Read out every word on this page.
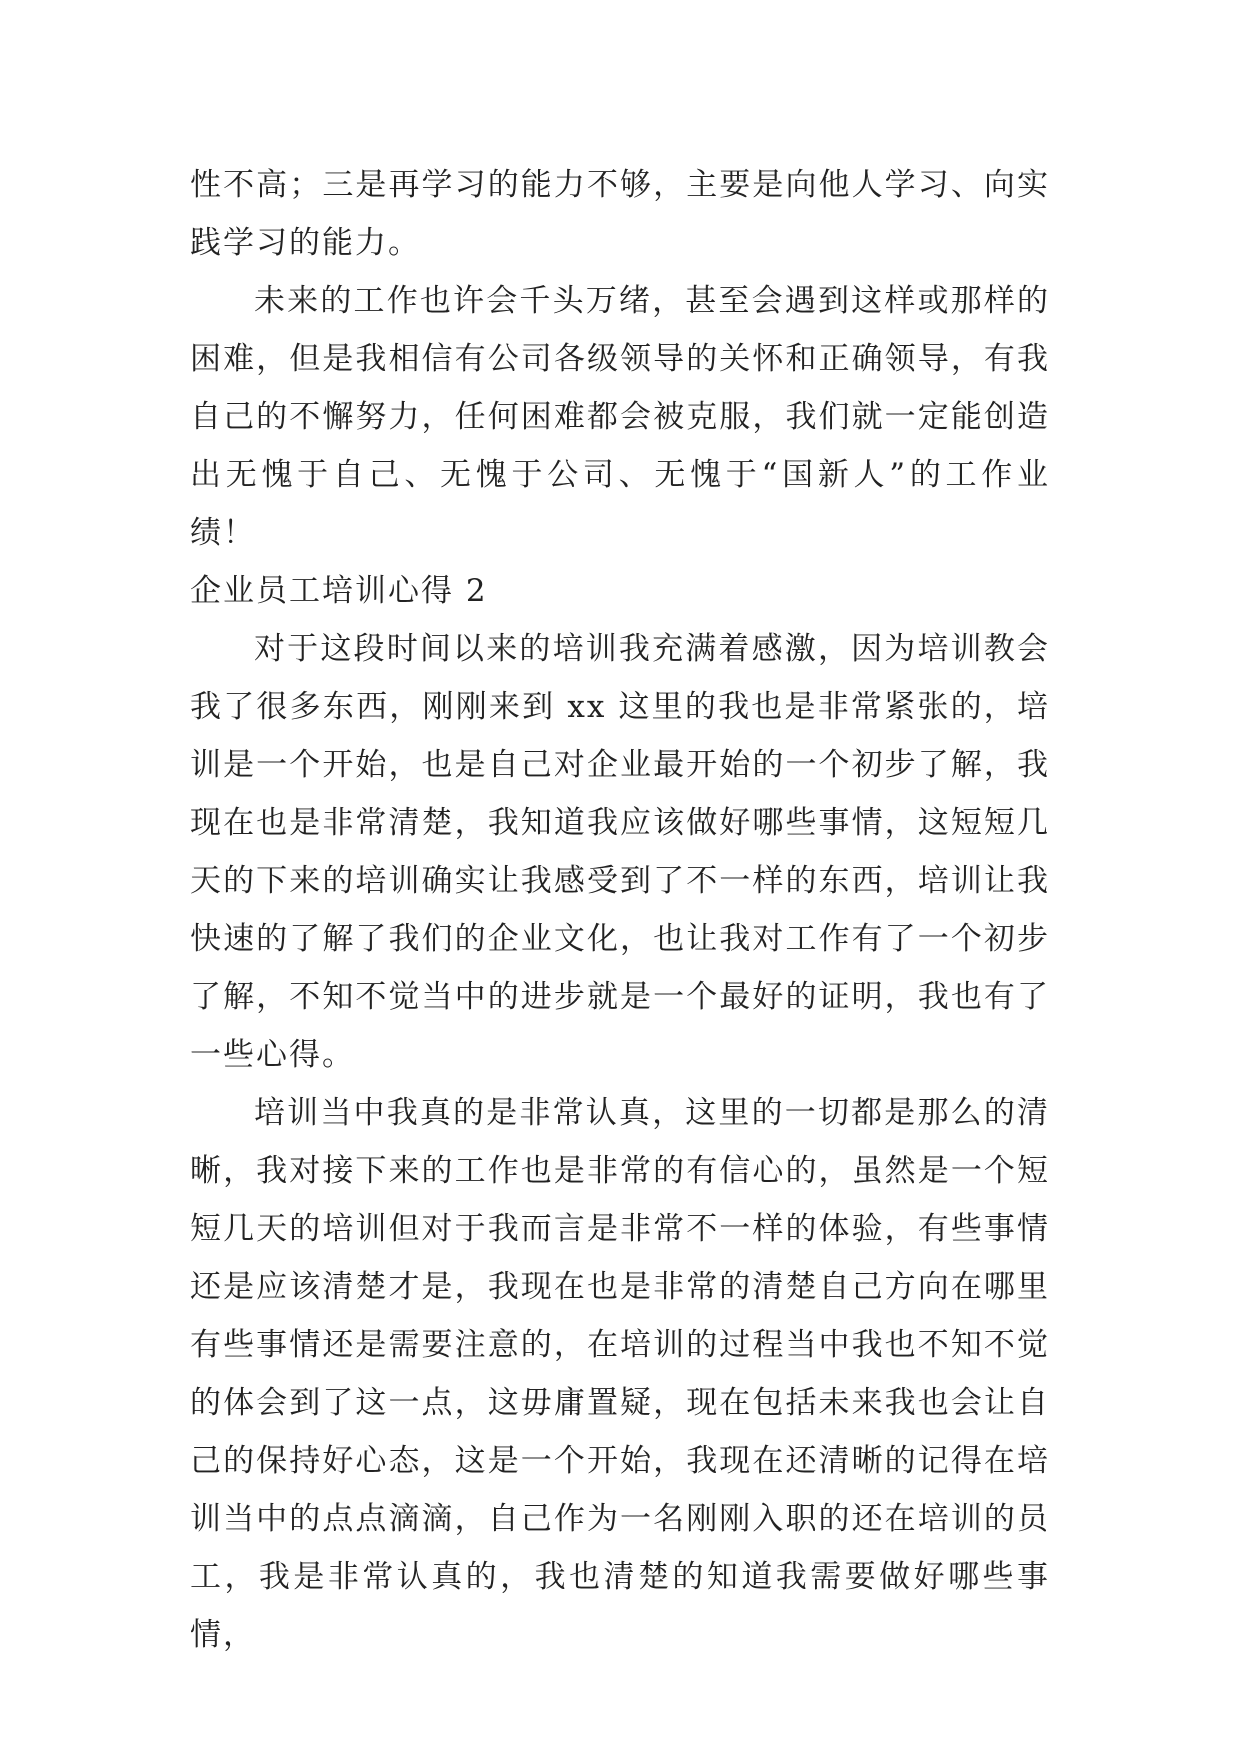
性不高；三是再学习的能力不够，主要是向他人学习、向实践学习的能力。

未来的工作也许会千头万绪，甚至会遇到这样或那样的困难，但是我相信有公司各级领导的关怀和正确领导，有我自己的不懈努力，任何困难都会被克服，我们就一定能创造出无愧于自己、无愧于公司、无愧于“国新人”的工作业绩！

企业员工培训心得 2

对于这段时间以来的培训我充满着感激，因为培训教会我了很多东西，刚刚来到 xx 这里的我也是非常紧张的，培训是一个开始，也是自己对企业最开始的一个初步了解，我现在也是非常清楚，我知道我应该做好哪些事情，这短短几天的下来的培训确实让我感受到了不一样的东西，培训让我快速的了解了我们的企业文化，也让我对工作有了一个初步了解，不知不觉当中的进步就是一个最好的证明，我也有了一些心得。

培训当中我真的是非常认真，这里的一切都是那么的清晰，我对接下来的工作也是非常的有信心的，虽然是一个短短几天的培训但对于我而言是非常不一样的体验，有些事情还是应该清楚才是，我现在也是非常的清楚自己方向在哪里有些事情还是需要注意的，在培训的过程当中我也不知不觉的体会到了这一点，这毋庸置疑，现在包括未来我也会让自己的保持好心态，这是一个开始，我现在还清晰的记得在培训当中的点点滴滴，自己作为一名刚刚入职的还在培训的员工，我是非常认真的，我也清楚的知道我需要做好哪些事情，
